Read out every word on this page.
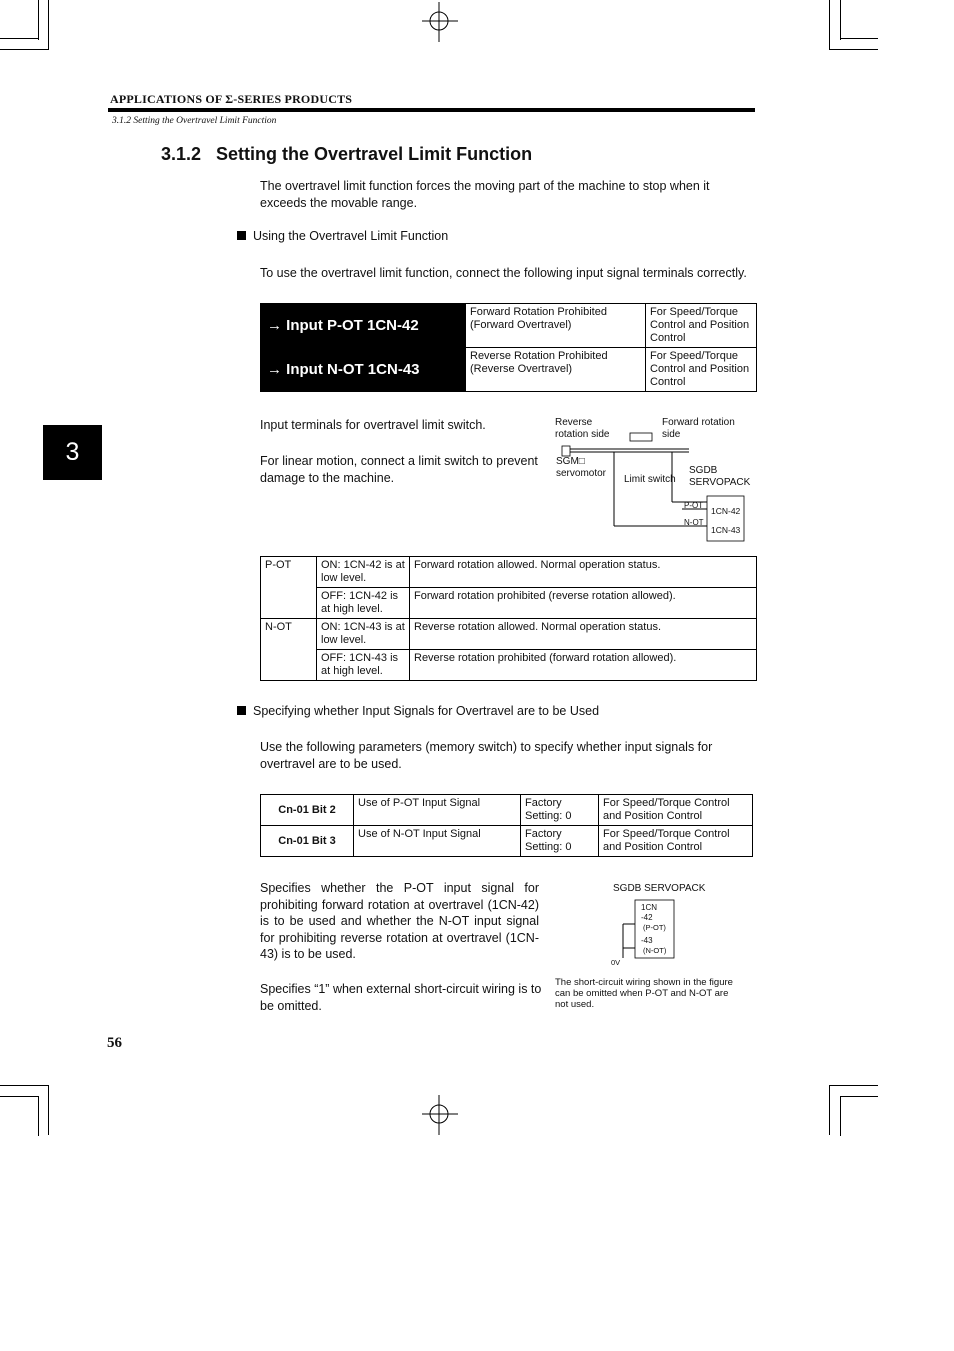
APPLICATIONS OF Σ-SERIES PRODUCTS
3.1.2 Setting the Overtravel Limit Function
3.1.2   Setting the Overtravel Limit Function
The overtravel limit function forces the moving part of the machine to stop when it exceeds the movable range.
Using the Overtravel Limit Function
To use the overtravel limit function, connect the following input signal terminals correctly.
→ Input P-OT 1CN-42	Forward Rotation Prohibited (Forward Overtravel)	For Speed/Torque Control and Position Control
→ Input N-OT 1CN-43	Reverse Rotation Prohibited (Reverse Overtravel)	For Speed/Torque Control and Position Control
Input terminals for overtravel limit switch.
For linear motion, connect a limit switch to prevent damage to the machine.
Reverse rotation side
Forward rotation side
SGM□ servomotor
Limit switch
SGDB SERVOPACK
P-OT
N-OT
1CN-42
1CN-43
P-OT	ON: 1CN-42 is at low level.	Forward rotation allowed. Normal operation status.
	OFF: 1CN-42 is at high level.	Forward rotation prohibited (reverse rotation allowed).
N-OT	ON: 1CN-43 is at low level.	Reverse rotation allowed. Normal operation status.
	OFF: 1CN-43 is at high level.	Reverse rotation prohibited (forward rotation allowed).
Specifying whether Input Signals for Overtravel are to be Used
Use the following parameters (memory switch) to specify whether input signals for overtravel are to be used.
Cn-01 Bit 2	Use of P-OT Input Signal	Factory Setting: 0	For Speed/Torque Control and Position Control
Cn-01 Bit 3	Use of N-OT Input Signal	Factory Setting: 0	For Speed/Torque Control and Position Control
Specifies whether the P-OT input signal for prohibiting forward rotation at overtravel (1CN-42) is to be used and whether the N-OT input signal for prohibiting reverse rotation at overtravel (1CN-43) is to be used.
Specifies “1” when external short-circuit wiring is to be omitted.
SGDB SERVOPACK
1CN
-42
(P-OT)
-43
(N-OT)
0V
The short-circuit wiring shown in the figure can be omitted when P-OT and N-OT are not used.
3
56
